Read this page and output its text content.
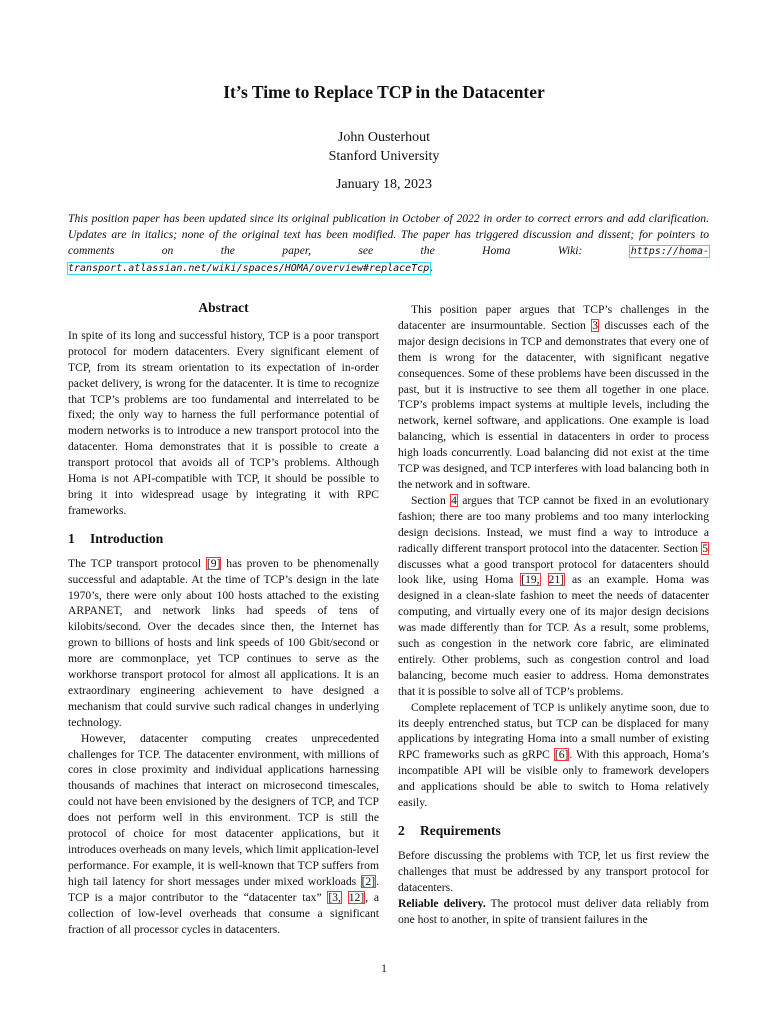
It’s Time to Replace TCP in the Datacenter
John Ousterhout
Stanford University
January 18, 2023
This position paper has been updated since its original publication in October of 2022 in order to correct errors and add clarification. Updates are in italics; none of the original text has been modified. The paper has triggered discussion and dissent; for pointers to comments on the paper, see the Homa Wiki: https://homa-transport.atlassian.net/wiki/spaces/HOMA/overview#replaceTcp.
Abstract

In spite of its long and successful history, TCP is a poor transport protocol for modern datacenters. Every significant element of TCP, from its stream orientation to its expectation of in-order packet delivery, is wrong for the datacenter. It is time to recognize that TCP’s problems are too fundamental and interrelated to be fixed; the only way to harness the full performance potential of modern networks is to introduce a new transport protocol into the datacenter. Homa demonstrates that it is possible to create a transport protocol that avoids all of TCP’s problems. Although Homa is not API-compatible with TCP, it should be possible to bring it into widespread usage by integrating it with RPC frameworks.

1 Introduction

The TCP transport protocol [9] has proven to be phenomenally successful and adaptable. At the time of TCP’s design in the late 1970’s, there were only about 100 hosts attached to the existing ARPANET, and network links had speeds of tens of kilobits/second. Over the decades since then, the Internet has grown to billions of hosts and link speeds of 100 Gbit/second or more are commonplace, yet TCP continues to serve as the workhorse transport protocol for almost all applications. It is an extraordinary engineering achievement to have designed a mechanism that could survive such radical changes in underlying technology.

However, datacenter computing creates unprecedented challenges for TCP. The datacenter environment, with millions of cores in close proximity and individual applications harnessing thousands of machines that interact on microsecond timescales, could not have been envisioned by the designers of TCP, and TCP does not perform well in this environment. TCP is still the protocol of choice for most datacenter applications, but it introduces overheads on many levels, which limit application-level performance. For example, it is well-known that TCP suffers from high tail latency for short messages under mixed workloads [2]. TCP is a major contributor to the “datacenter tax” [3, 12], a collection of low-level overheads that consume a significant fraction of all processor cycles in datacenters.

This position paper argues that TCP’s challenges in the datacenter are insurmountable. Section 3 discusses each of the major design decisions in TCP and demonstrates that every one of them is wrong for the datacenter, with significant negative consequences. Some of these problems have been discussed in the past, but it is instructive to see them all together in one place. TCP’s problems impact systems at multiple levels, including the network, kernel software, and applications. One example is load balancing, which is essential in datacenters in order to process high loads concurrently. Load balancing did not exist at the time TCP was designed, and TCP interferes with load balancing both in the network and in software.

Section 4 argues that TCP cannot be fixed in an evolutionary fashion; there are too many problems and too many interlocking design decisions. Instead, we must find a way to introduce a radically different transport protocol into the datacenter. Section 5 discusses what a good transport protocol for datacenters should look like, using Homa [19, 21] as an example. Homa was designed in a clean-slate fashion to meet the needs of datacenter computing, and virtually every one of its major design decisions was made differently than for TCP. As a result, some problems, such as congestion in the network core fabric, are eliminated entirely. Other problems, such as congestion control and load balancing, become much easier to address. Homa demonstrates that it is possible to solve all of TCP’s problems.

Complete replacement of TCP is unlikely anytime soon, due to its deeply entrenched status, but TCP can be displaced for many applications by integrating Homa into a small number of existing RPC frameworks such as gRPC [6]. With this approach, Homa’s incompatible API will be visible only to framework developers and applications should be able to switch to Homa relatively easily.

2 Requirements

Before discussing the problems with TCP, let us first review the challenges that must be addressed by any transport protocol for datacenters.

Reliable delivery. The protocol must deliver data reliably from one host to another, in spite of transient failures in the

1
